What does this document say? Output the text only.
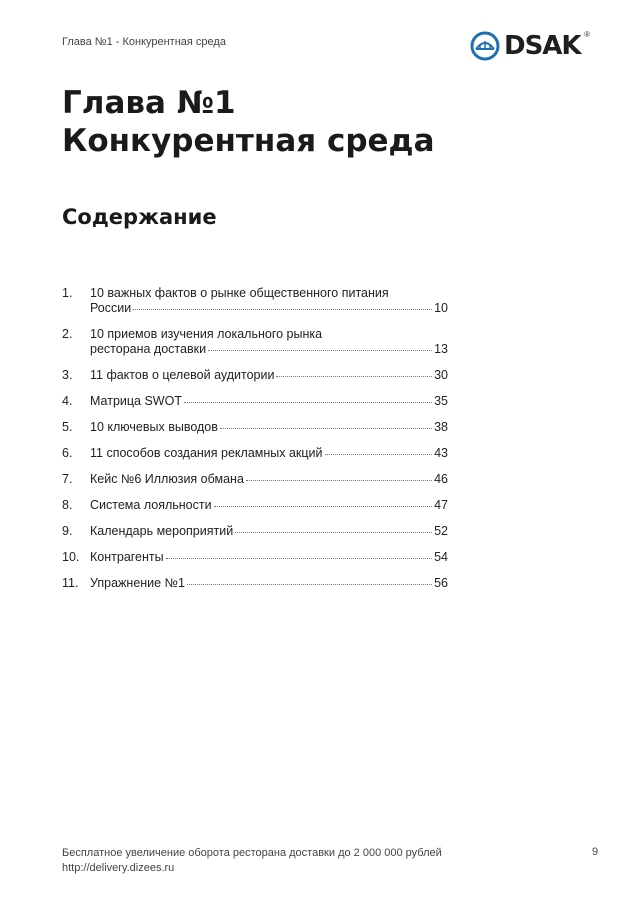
Глава №1 - Конкурентная среда	DSAK ®
Глава №1
Конкурентная среда
Содержание
1.	10 важных фактов о рынке общественного питания
России	10
2.	10 приемов изучения локального рынка
ресторана доставки	13
3.	11 фактов о целевой аудитории	30
4.	Матрица SWOT	35
5.	10 ключевых выводов	38
6.	11 способов создания рекламных акций	43
7.	Кейс №6 Иллюзия обмана	46
8.	Система лояльности	47
9.	Календарь мероприятий	52
10. Контрагенты	54
11. Упражнение №1	56
Бесплатное увеличение оборота ресторана доставки до 2 000 000 рублей
http://delivery.dizees.ru
9
